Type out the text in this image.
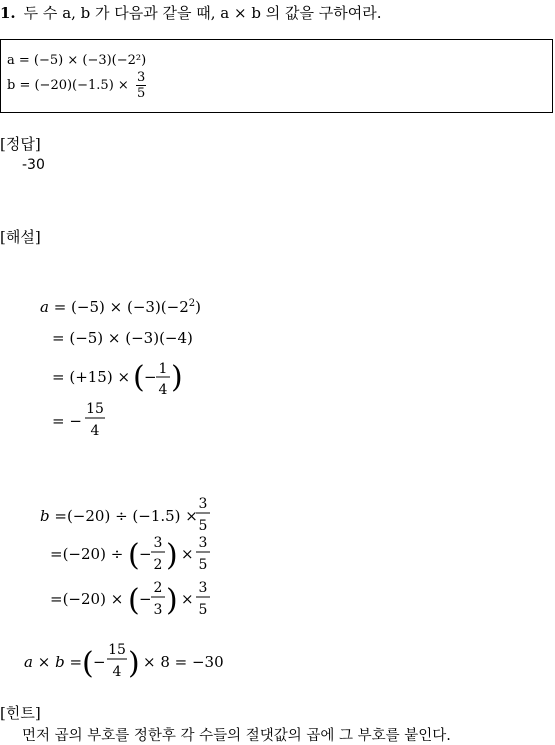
1. 두 수 a, b 가 다음과 같을 때, a × b 의 값을 구하여라.
a = (−5) × (−3)(−2²)
$b = (-20)(-1.5) \times \frac{3}{5}$
[정답]
-30
[해설]
$a = (-5) \times (-3)(-2^2)$
= (−5) × (−3)(−4)
= (+15) × ( − 1
4 )
= −
15
4
b =(−20) ÷ (−1.5) ×
3
5
=(−20) ÷ ( −
3
2 ) ×
3
5
=(−20) × ( −
2
3 ) ×
3
5
a × b = ( −
15
4 ) × 8 = −30
[힌트]
먼저 곱의 부호를 정한후 각 수들의 절댓값의 곱에 그 부호를 붙인다.
